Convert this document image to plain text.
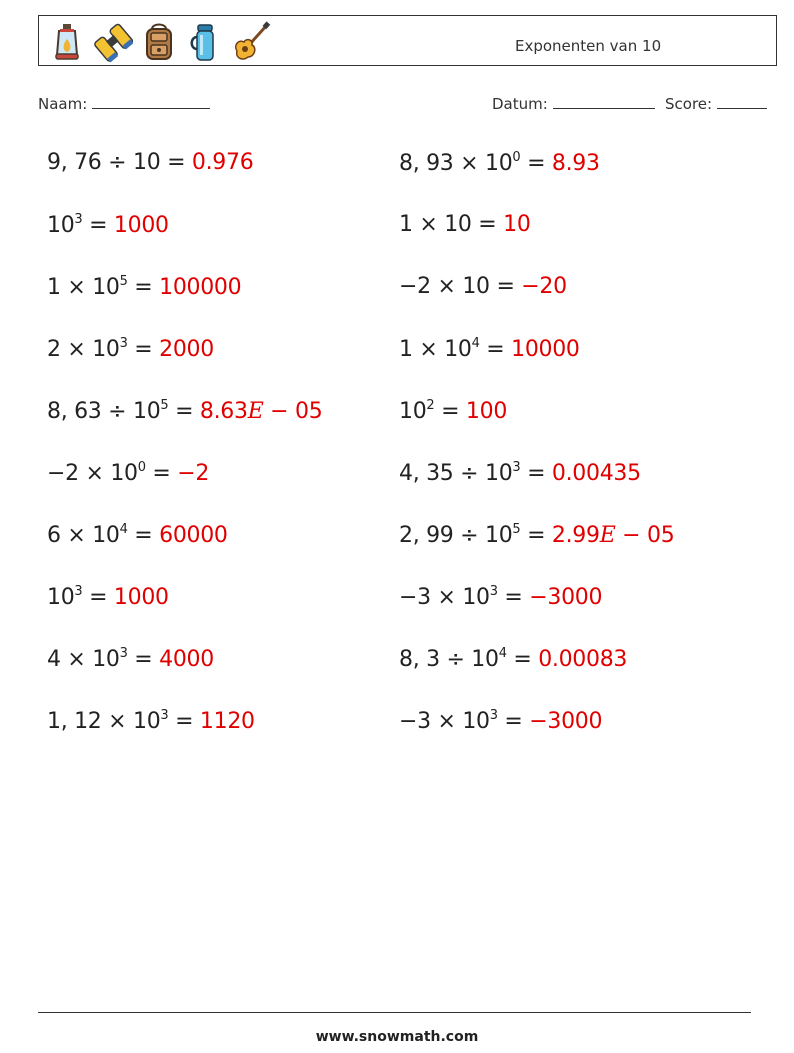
Exponenten van 10
Naam:	Datum:	Score:
9, 76 ÷ 10 = 0.976
$10^3 = 1000$
$1 \times 10^5 = 100000$
$2 \times 10^3 = 2000$
8, $63 \div 10^5 = 8.63E - 05$
$-2 \times 10^0 = -2$
$6 \times 10^4 = 60000$
$10^3 = 1000$
$4 \times 10^3 = 4000$
1, $12 \times 10^3 = 1120$
8, $93 \times 10^0 = 8.93$
1 × 10 = 10
−2 × 10 = −20
$1 \times 10^4 = 10000$
$10^2 = 100$
4, $35 \div 10^3 = 0.00435$
2, $99 \div 10^5 = 2.99E - 05$
$-3 \times 10^3 = -3000$
8, $3 \div 10^4 = 0.00083$
$-3 \times 10^3 = -3000$
www.snowmath.com
